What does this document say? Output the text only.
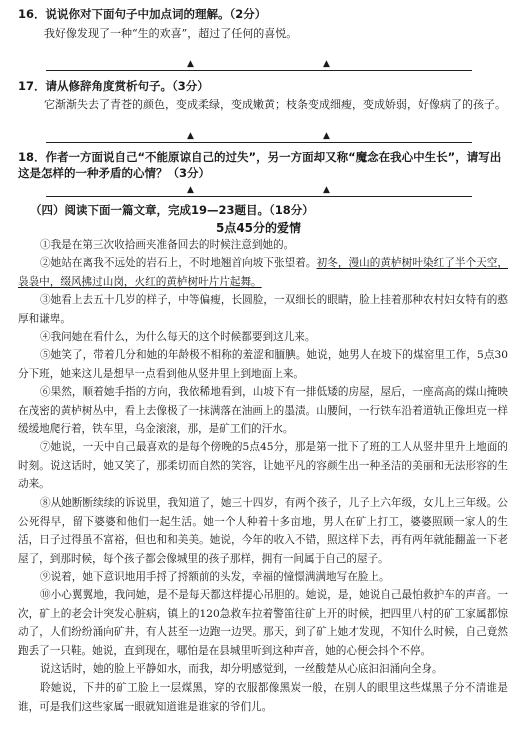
16．说说你对下面句子中加点词的理解。（2分）
我好像发现了一种“生的欢喜”，超过了任何的喜悦。
▲	▲
17．请从修辞角度赏析句子。（3分）
它渐渐失去了青苍的颜色，变成柔绿，变成嫩黄；枝条变成细瘦，变成娇弱，好像病了的孩子。
▲	▲
18．作者一方面说自己“不能原谅自己的过失”，另一方面却又称“魔念在我心中生长”，请写出这是怎样的一种矛盾的心情？（3分）
▲	▲
（四）阅读下面一篇文章，完成19—23题目。（18分）
5点45分的爱情
①我是在第三次收拾画夹准备回去的时候注意到她的。
②她站在离我不远处的岩石上，不时地翘首向坡下张望着。初冬，漫山的黄栌树叶染红了半个天空，袅袅中，缀风拂过山岗，火红的黄栌树叶片片起舞。
③她看上去五十几岁的样子，中等偏瘦，长圆脸，一双细长的眼睛，脸上挂着那种农村妇女特有的憨厚和谦卑。
④我问她在看什么，为什么每天的这个时候都要到这儿来。
⑤她笑了，带着几分和她的年龄极不相称的羞涩和腼腆。她说，她男人在坡下的煤窑里工作，5点30分下班，她来这儿是想早一点看到他从竖井里上到地面上来。
⑥果然，顺着她手指的方向，我依稀地看到，山坡下有一排低矮的房屋，屋后，一座高高的煤山掩映在茂密的黄栌树丛中，看上去像极了一抹满落在油画上的墨渍。山腰间，一行铁车沿着道轨正像坦克一样缓缓地爬行着，铁车里，乌金滚滚，那，是矿工们的汗水。
⑦她说，一天中自己最喜欢的是每个傍晚的5点45分，那是第一批下了班的工人从竖井里升上地面的时刻。说这话时，她又笑了，那柔切而自然的笑容，让她平凡的容颜生出一种圣洁的美丽和无法形容的生动来。
⑧从她断断续续的诉说里，我知道了，她三十四岁，有两个孩子，儿子上六年级，女儿上三年级。公公死得早，留下婆婆和他们一起生活。她一个人种着十多亩地，男人在矿上打工，婆婆照顾一家人的生活，日子过得虽不富裕，但也和和美美。她说，今年的收入不错，照这样下去，再有两年就能翻盖一下老屋了，到那时候，每个孩子都会像城里的孩子那样，拥有一间属于自己的屋子。
⑨说着，她下意识地用手捋了捋额前的头发，幸福的憧憬满满地写在脸上。
⑩小心翼翼地，我问她，是不是每天都这样提心吊胆的。她说，是，她说自己最怕救护车的声音。一次，矿上的老会计突发心脏病，镇上的120急救车拉着警笛往矿上开的时候，把四里八村的矿工家属都惊动了，人们纷纷涌向矿井，有人甚至一边跑一边哭。那天，到了矿上她才发现，不知什么时候，自己竟然跑丢了一只鞋。她说，直到现在，哪怕是在县城里听到这种声音，她的心便会抖个不停。
说这话时，她的脸上平静如水，而我，却分明感觉到，一丝酸楚从心底汩汩涌向全身。
聆她说，下井的矿工脸上一层煤黑，穿的衣服都像黑炭一般，在别人的眼里这些煤黑子分不清谁是谁，可是我们这些家属一眼就知道谁是谁家的爷们儿。
